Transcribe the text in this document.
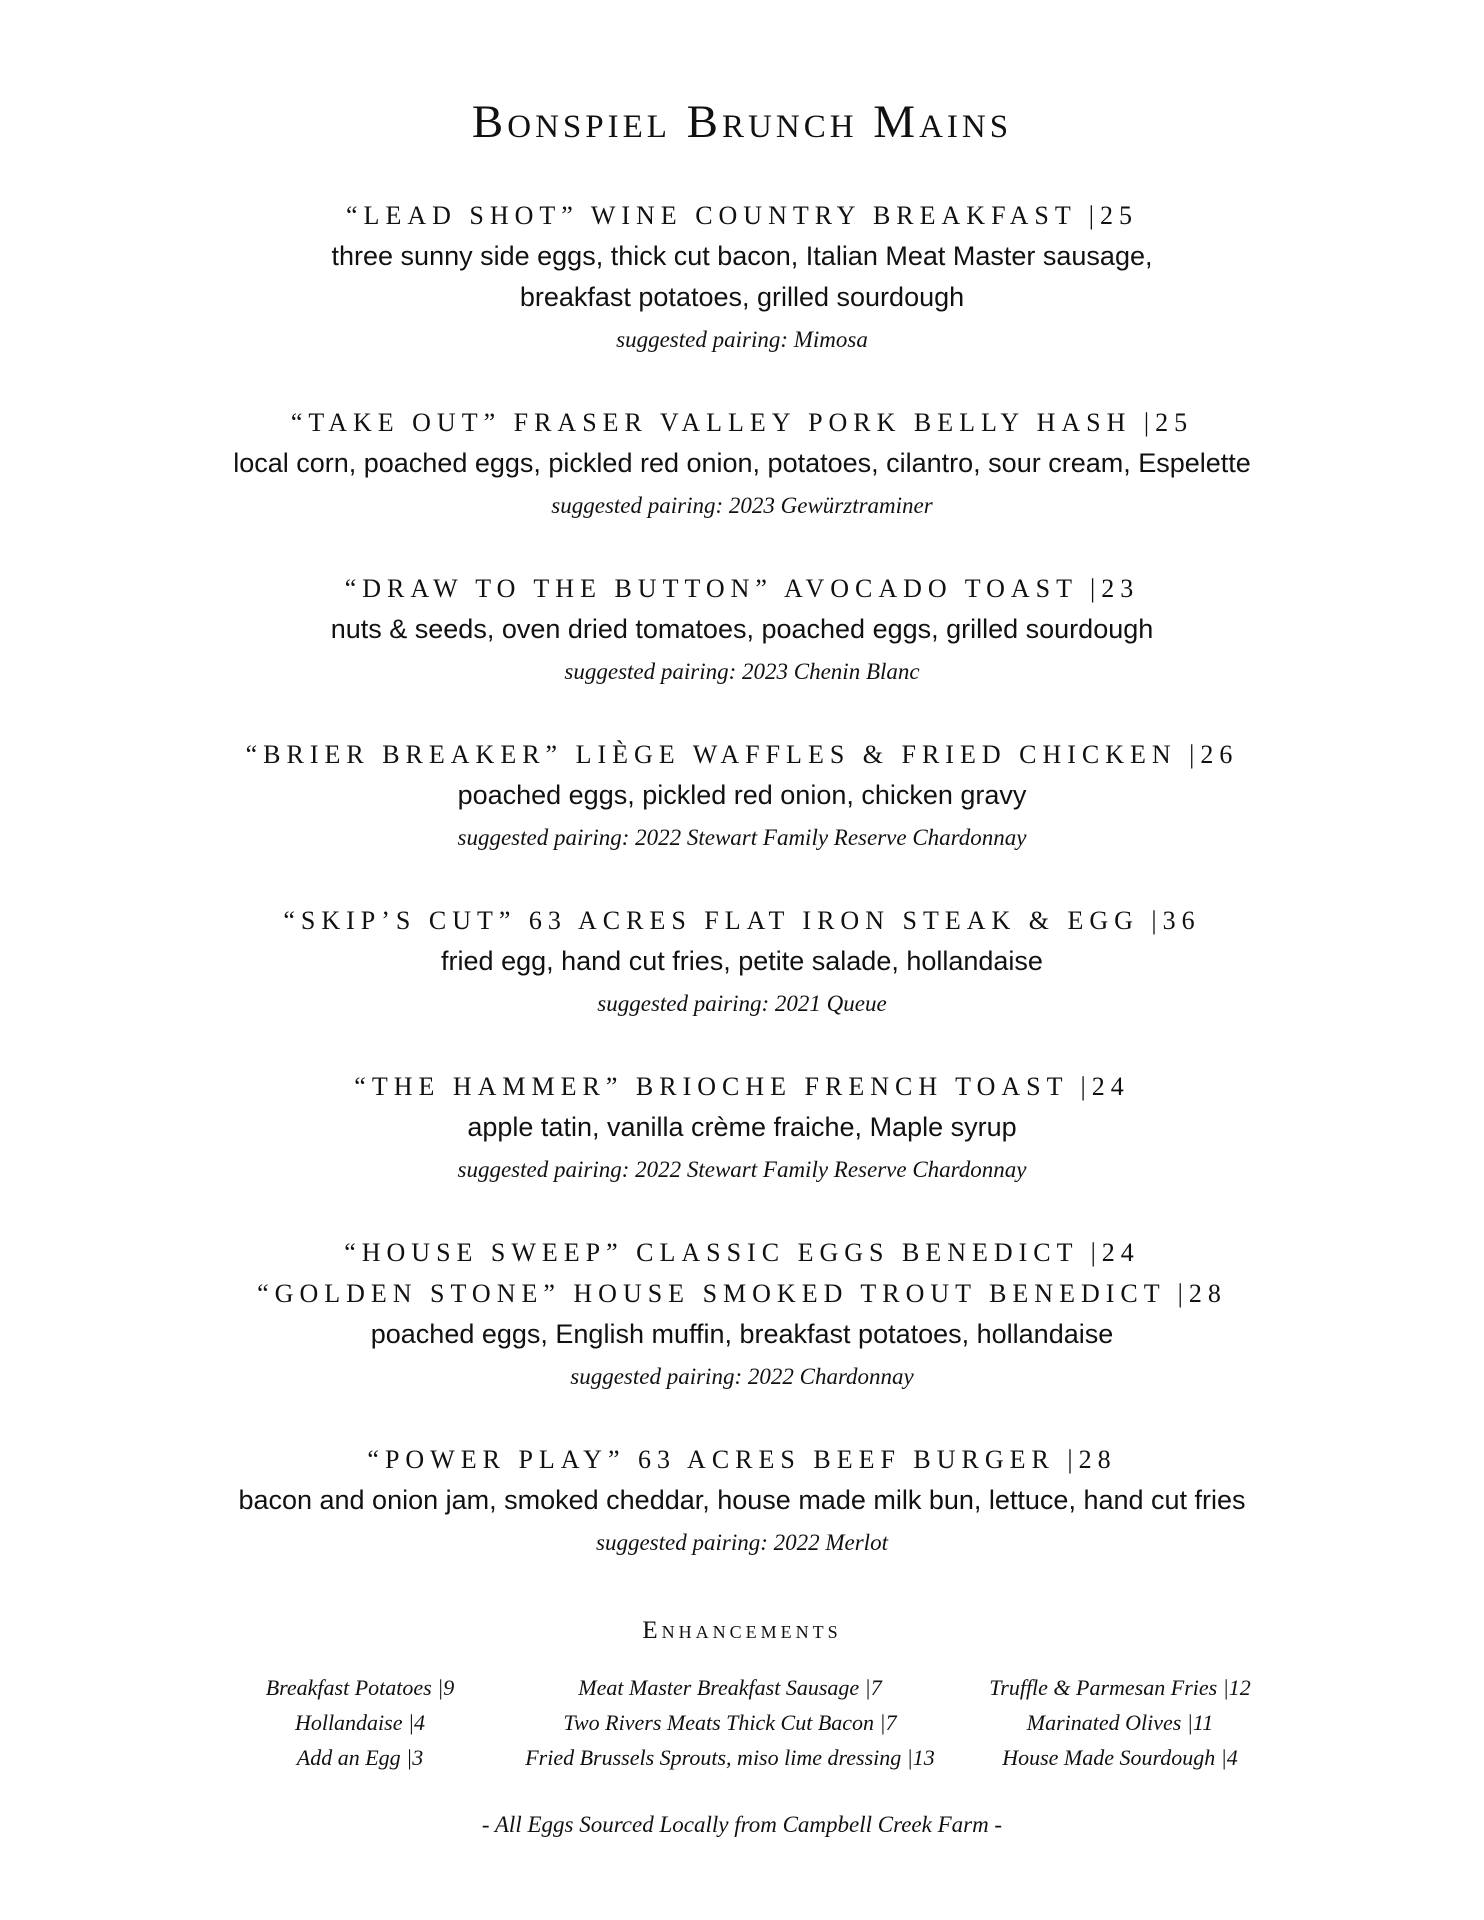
Bonspiel Brunch Mains
“LEAD SHOT” WINE COUNTRY BREAKFAST |25
three sunny side eggs, thick cut bacon, Italian Meat Master sausage,
breakfast potatoes, grilled sourdough
suggested pairing: Mimosa
“TAKE OUT” FRASER VALLEY PORK BELLY HASH |25
local corn, poached eggs, pickled red onion, potatoes, cilantro, sour cream, Espelette
suggested pairing: 2023 Gewürztraminer
“DRAW TO THE BUTTON” AVOCADO TOAST |23
nuts & seeds, oven dried tomatoes, poached eggs, grilled sourdough
suggested pairing: 2023 Chenin Blanc
“BRIER BREAKER” LIÈGE WAFFLES & FRIED CHICKEN |26
poached eggs, pickled red onion, chicken gravy
suggested pairing: 2022 Stewart Family Reserve Chardonnay
“SKIP’S CUT” 63 ACRES FLAT IRON STEAK & EGG |36
fried egg, hand cut fries, petite salade, hollandaise
suggested pairing: 2021 Queue
“THE HAMMER” BRIOCHE FRENCH TOAST |24
apple tatin, vanilla crème fraiche, Maple syrup
suggested pairing: 2022 Stewart Family Reserve Chardonnay
“HOUSE SWEEP” CLASSIC EGGS BENEDICT |24
“GOLDEN STONE” HOUSE SMOKED TROUT BENEDICT |28
poached eggs, English muffin, breakfast potatoes, hollandaise
suggested pairing: 2022 Chardonnay
“POWER PLAY” 63 ACRES BEEF BURGER |28
bacon and onion jam, smoked cheddar, house made milk bun, lettuce, hand cut fries
suggested pairing: 2022 Merlot
Enhancements
Breakfast Potatoes |9
Hollandaise |4
Add an Egg |3
Meat Master Breakfast Sausage |7
Two Rivers Meats Thick Cut Bacon |7
Fried Brussels Sprouts, miso lime dressing |13
Truffle & Parmesan Fries |12
Marinated Olives |11
House Made Sourdough |4
- All Eggs Sourced Locally from Campbell Creek Farm -
